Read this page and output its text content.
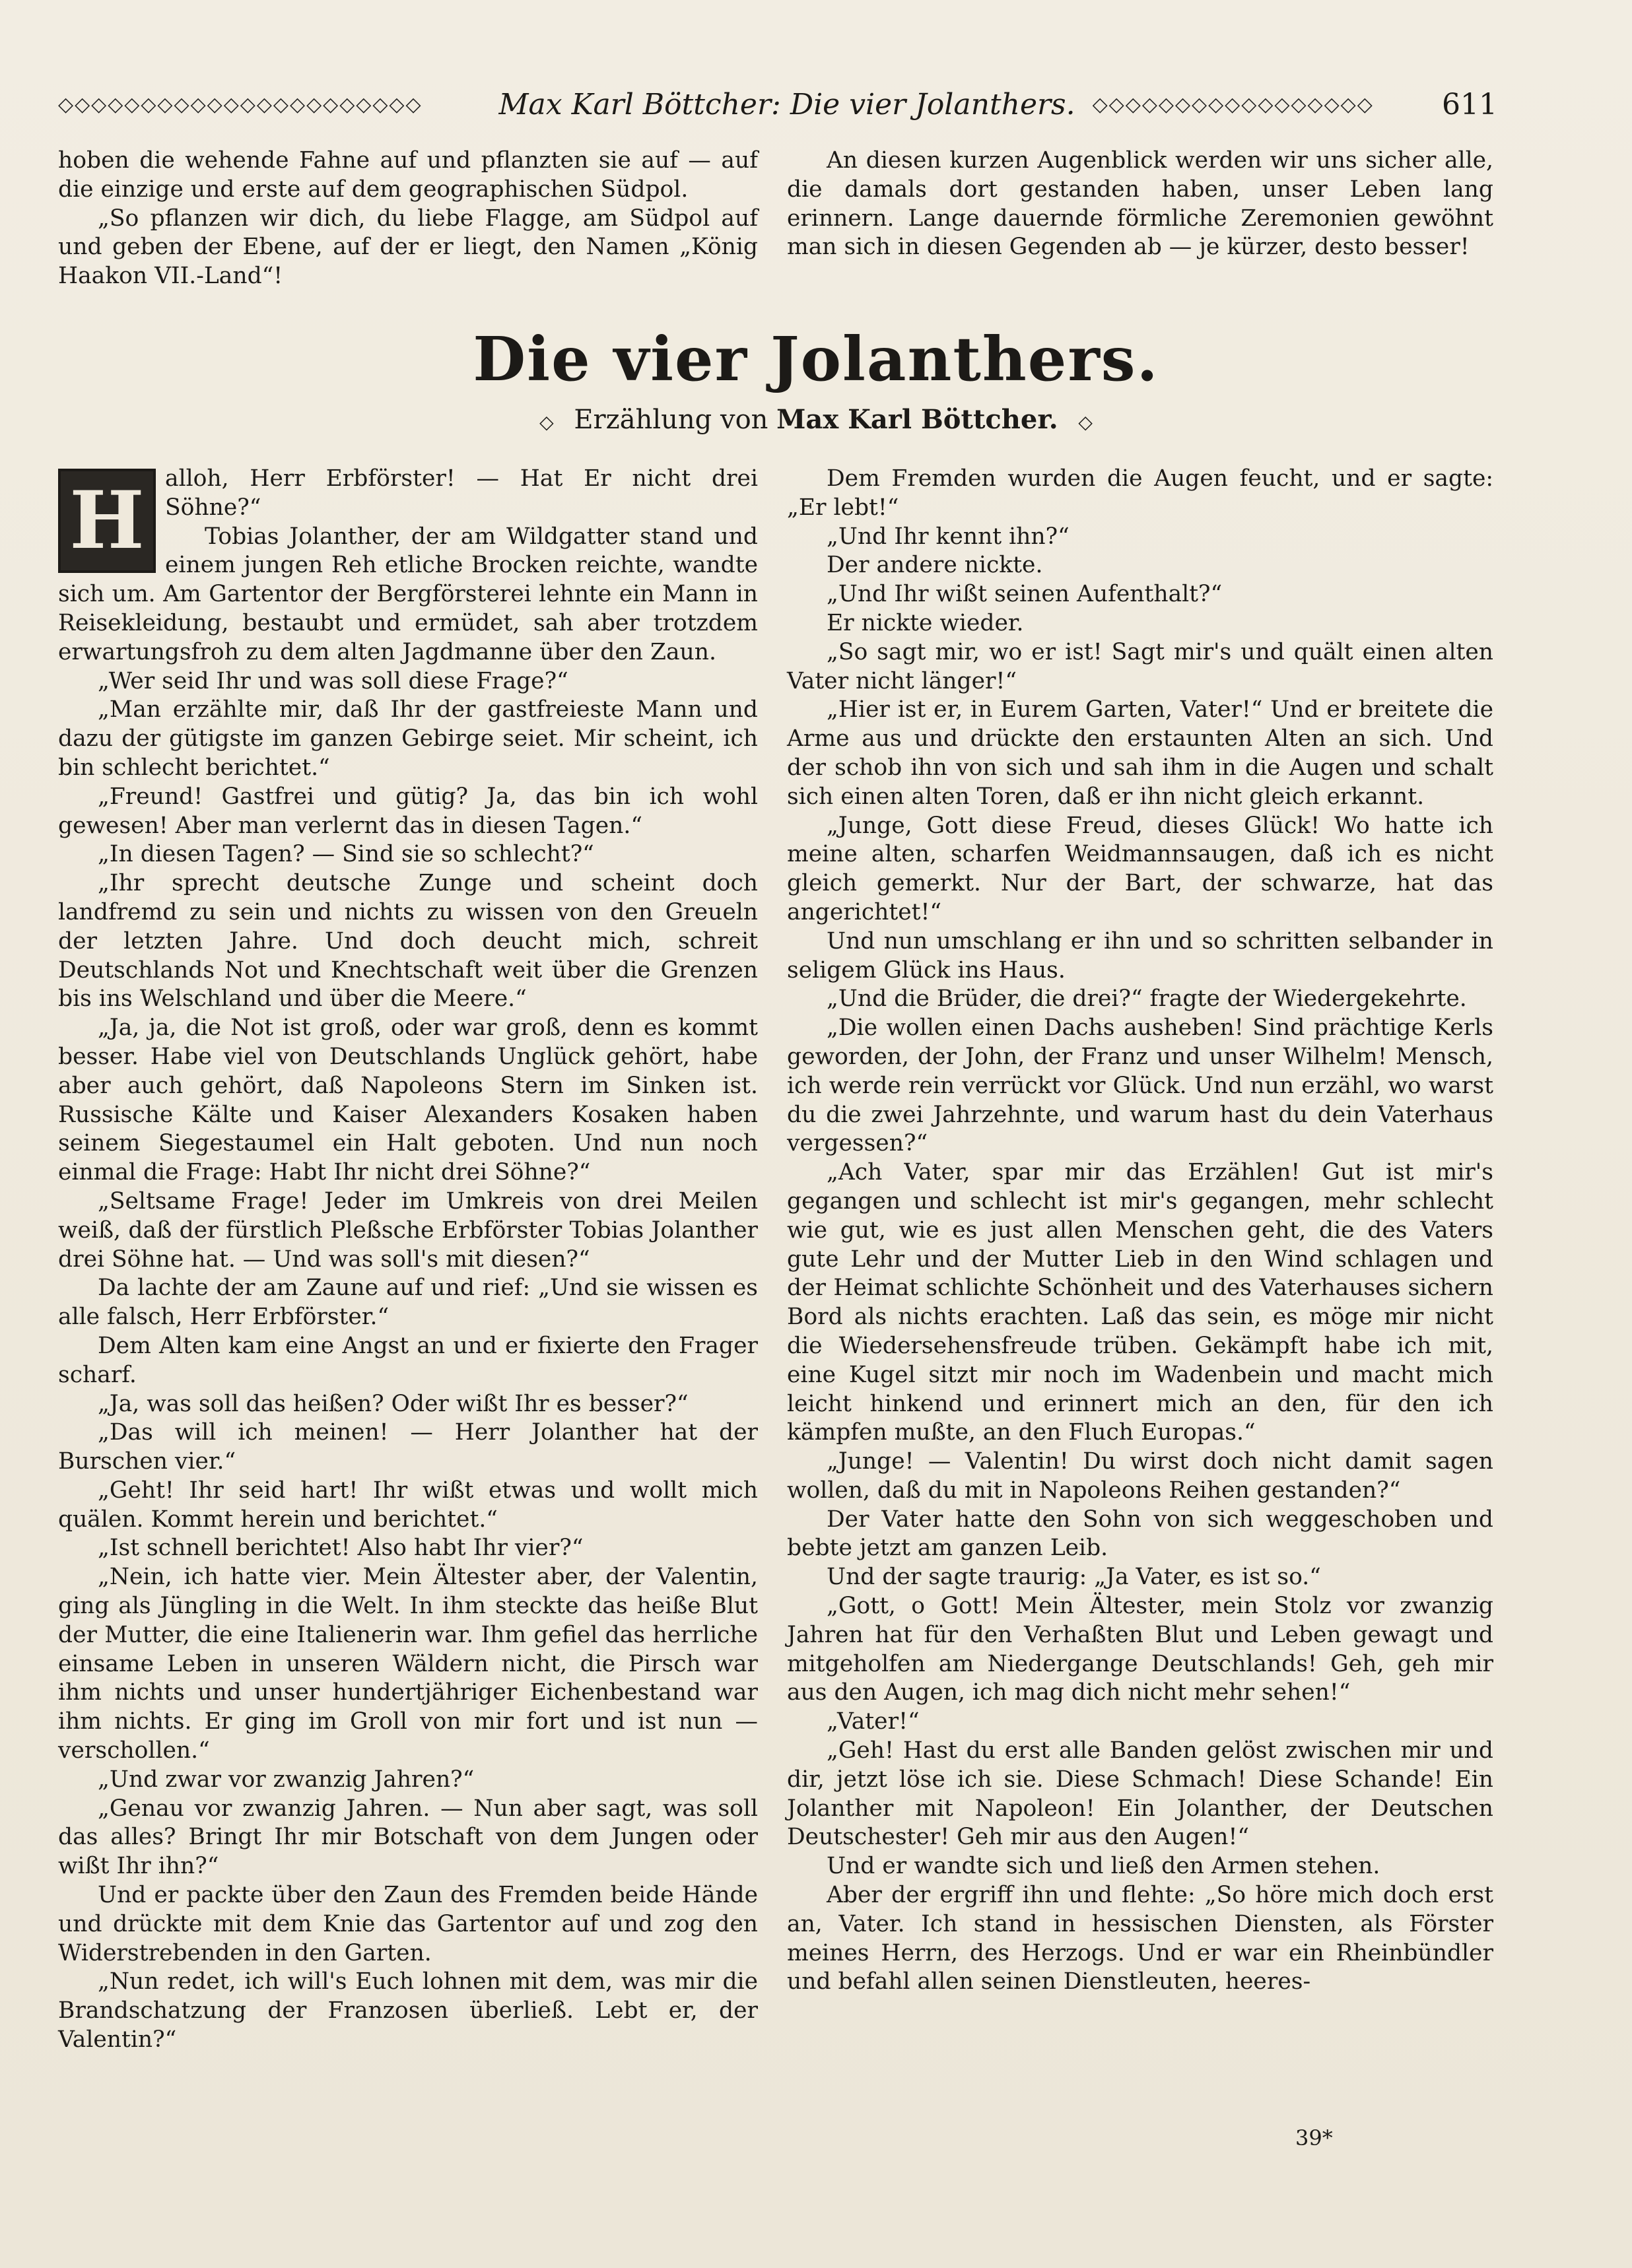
◇◇◇◇◇◇◇◇◇◇◇◇◇◇◇◇◇◇◇◇◇◇	Max Karl Böttcher: Die vier Jolanthers. ◇◇◇◇◇◇◇◇◇◇◇◇◇◇◇◇◇	611

hoben die wehende Fahne auf und pflanzten sie auf — auf die einzige und erste auf dem geographischen Südpol.

„So pflanzen wir dich, du liebe Flagge, am Südpol auf und geben der Ebene, auf der er liegt, den Namen „König Haakon VII.-Land“!

An diesen kurzen Augenblick werden wir uns sicher alle, die damals dort gestanden haben, unser Leben lang erinnern. Lange dauernde förmliche Zeremonien gewöhnt man sich in diesen Gegenden ab — je kürzer, desto besser!

Die vier Jolanthers.
◇ Erzählung von Max Karl Böttcher. ◇

H alloh, Herr Erbförster! — Hat Er nicht drei Söhne?“

Tobias Jolanther, der am Wildgatter stand und einem jungen Reh etliche Brocken reichte, wandte sich um. Am Gartentor der Bergförsterei lehnte ein Mann in Reisekleidung, bestaubt und ermüdet, sah aber trotzdem erwartungsfroh zu dem alten Jagdmanne über den Zaun.

„Wer seid Ihr und was soll diese Frage?“

„Man erzählte mir, daß Ihr der gastfreieste Mann und dazu der gütigste im ganzen Gebirge seiet. Mir scheint, ich bin schlecht berichtet.“

„Freund! Gastfrei und gütig? Ja, das bin ich wohl gewesen! Aber man verlernt das in diesen Tagen.“

„In diesen Tagen? — Sind sie so schlecht?“

„Ihr sprecht deutsche Zunge und scheint doch landfremd zu sein und nichts zu wissen von den Greueln der letzten Jahre. Und doch deucht mich, schreit Deutschlands Not und Knechtschaft weit über die Grenzen bis ins Welschland und über die Meere.“

„Ja, ja, die Not ist groß, oder war groß, denn es kommt besser. Habe viel von Deutschlands Unglück gehört, habe aber auch gehört, daß Napoleons Stern im Sinken ist. Russische Kälte und Kaiser Alexanders Kosaken haben seinem Siegestaumel ein Halt geboten. Und nun noch einmal die Frage: Habt Ihr nicht drei Söhne?“

„Seltsame Frage! Jeder im Umkreis von drei Meilen weiß, daß der fürstlich Pleßsche Erbförster Tobias Jolanther drei Söhne hat. — Und was soll's mit diesen?“

Da lachte der am Zaune auf und rief: „Und sie wissen es alle falsch, Herr Erbförster.“

Dem Alten kam eine Angst an und er fixierte den Frager scharf.

„Ja, was soll das heißen? Oder wißt Ihr es besser?“

„Das will ich meinen! — Herr Jolanther hat der Burschen vier.“

„Geht! Ihr seid hart! Ihr wißt etwas und wollt mich quälen. Kommt herein und berichtet.“

„Ist schnell berichtet! Also habt Ihr vier?“

„Nein, ich hatte vier. Mein Ältester aber, der Valentin, ging als Jüngling in die Welt. In ihm steckte das heiße Blut der Mutter, die eine Italienerin war. Ihm gefiel das herrliche einsame Leben in unseren Wäldern nicht, die Pirsch war ihm nichts und unser hundertjähriger Eichenbestand war ihm nichts. Er ging im Groll von mir fort und ist nun — verschollen.“

„Und zwar vor zwanzig Jahren?“

„Genau vor zwanzig Jahren. — Nun aber sagt, was soll das alles? Bringt Ihr mir Botschaft von dem Jungen oder wißt Ihr ihn?“

Und er packte über den Zaun des Fremden beide Hände und drückte mit dem Knie das Gartentor auf und zog den Widerstrebenden in den Garten.

„Nun redet, ich will's Euch lohnen mit dem, was mir die Brandschatzung der Franzosen überließ. Lebt er, der Valentin?“

Dem Fremden wurden die Augen feucht, und er sagte: „Er lebt!“

„Und Ihr kennt ihn?“

Der andere nickte.

„Und Ihr wißt seinen Aufenthalt?“

Er nickte wieder.

„So sagt mir, wo er ist! Sagt mir's und quält einen alten Vater nicht länger!“

„Hier ist er, in Eurem Garten, Vater!“ Und er breitete die Arme aus und drückte den erstaunten Alten an sich. Und der schob ihn von sich und sah ihm in die Augen und schalt sich einen alten Toren, daß er ihn nicht gleich erkannt.

„Junge, Gott diese Freud, dieses Glück! Wo hatte ich meine alten, scharfen Weidmannsaugen, daß ich es nicht gleich gemerkt. Nur der Bart, der schwarze, hat das angerichtet!“

Und nun umschlang er ihn und so schritten selbander in seligem Glück ins Haus.

„Und die Brüder, die drei?“ fragte der Wiedergekehrte.

„Die wollen einen Dachs ausheben! Sind prächtige Kerls geworden, der John, der Franz und unser Wilhelm! Mensch, ich werde rein verrückt vor Glück. Und nun erzähl, wo warst du die zwei Jahrzehnte, und warum hast du dein Vaterhaus vergessen?“

„Ach Vater, spar mir das Erzählen! Gut ist mir's gegangen und schlecht ist mir's gegangen, mehr schlecht wie gut, wie es just allen Menschen geht, die des Vaters gute Lehr und der Mutter Lieb in den Wind schlagen und der Heimat schlichte Schönheit und des Vaterhauses sichern Bord als nichts erachten. Laß das sein, es möge mir nicht die Wiedersehensfreude trüben. Gekämpft habe ich mit, eine Kugel sitzt mir noch im Wadenbein und macht mich leicht hinkend und erinnert mich an den, für den ich kämpfen mußte, an den Fluch Europas.“

„Junge! — Valentin! Du wirst doch nicht damit sagen wollen, daß du mit in Napoleons Reihen gestanden?“

Der Vater hatte den Sohn von sich weggeschoben und bebte jetzt am ganzen Leib.

Und der sagte traurig: „Ja Vater, es ist so.“

„Gott, o Gott! Mein Ältester, mein Stolz vor zwanzig Jahren hat für den Verhaßten Blut und Leben gewagt und mitgeholfen am Niedergange Deutschlands! Geh, geh mir aus den Augen, ich mag dich nicht mehr sehen!“

„Vater!“

„Geh! Hast du erst alle Banden gelöst zwischen mir und dir, jetzt löse ich sie. Diese Schmach! Diese Schande! Ein Jolanther mit Napoleon! Ein Jolanther, der Deutschen Deutschester! Geh mir aus den Augen!“

Und er wandte sich und ließ den Armen stehen.

Aber der ergriff ihn und flehte: „So höre mich doch erst an, Vater. Ich stand in hessischen Diensten, als Förster meines Herrn, des Herzogs. Und er war ein Rheinbündler und befahl allen seinen Dienstleuten, heeres-

39*
